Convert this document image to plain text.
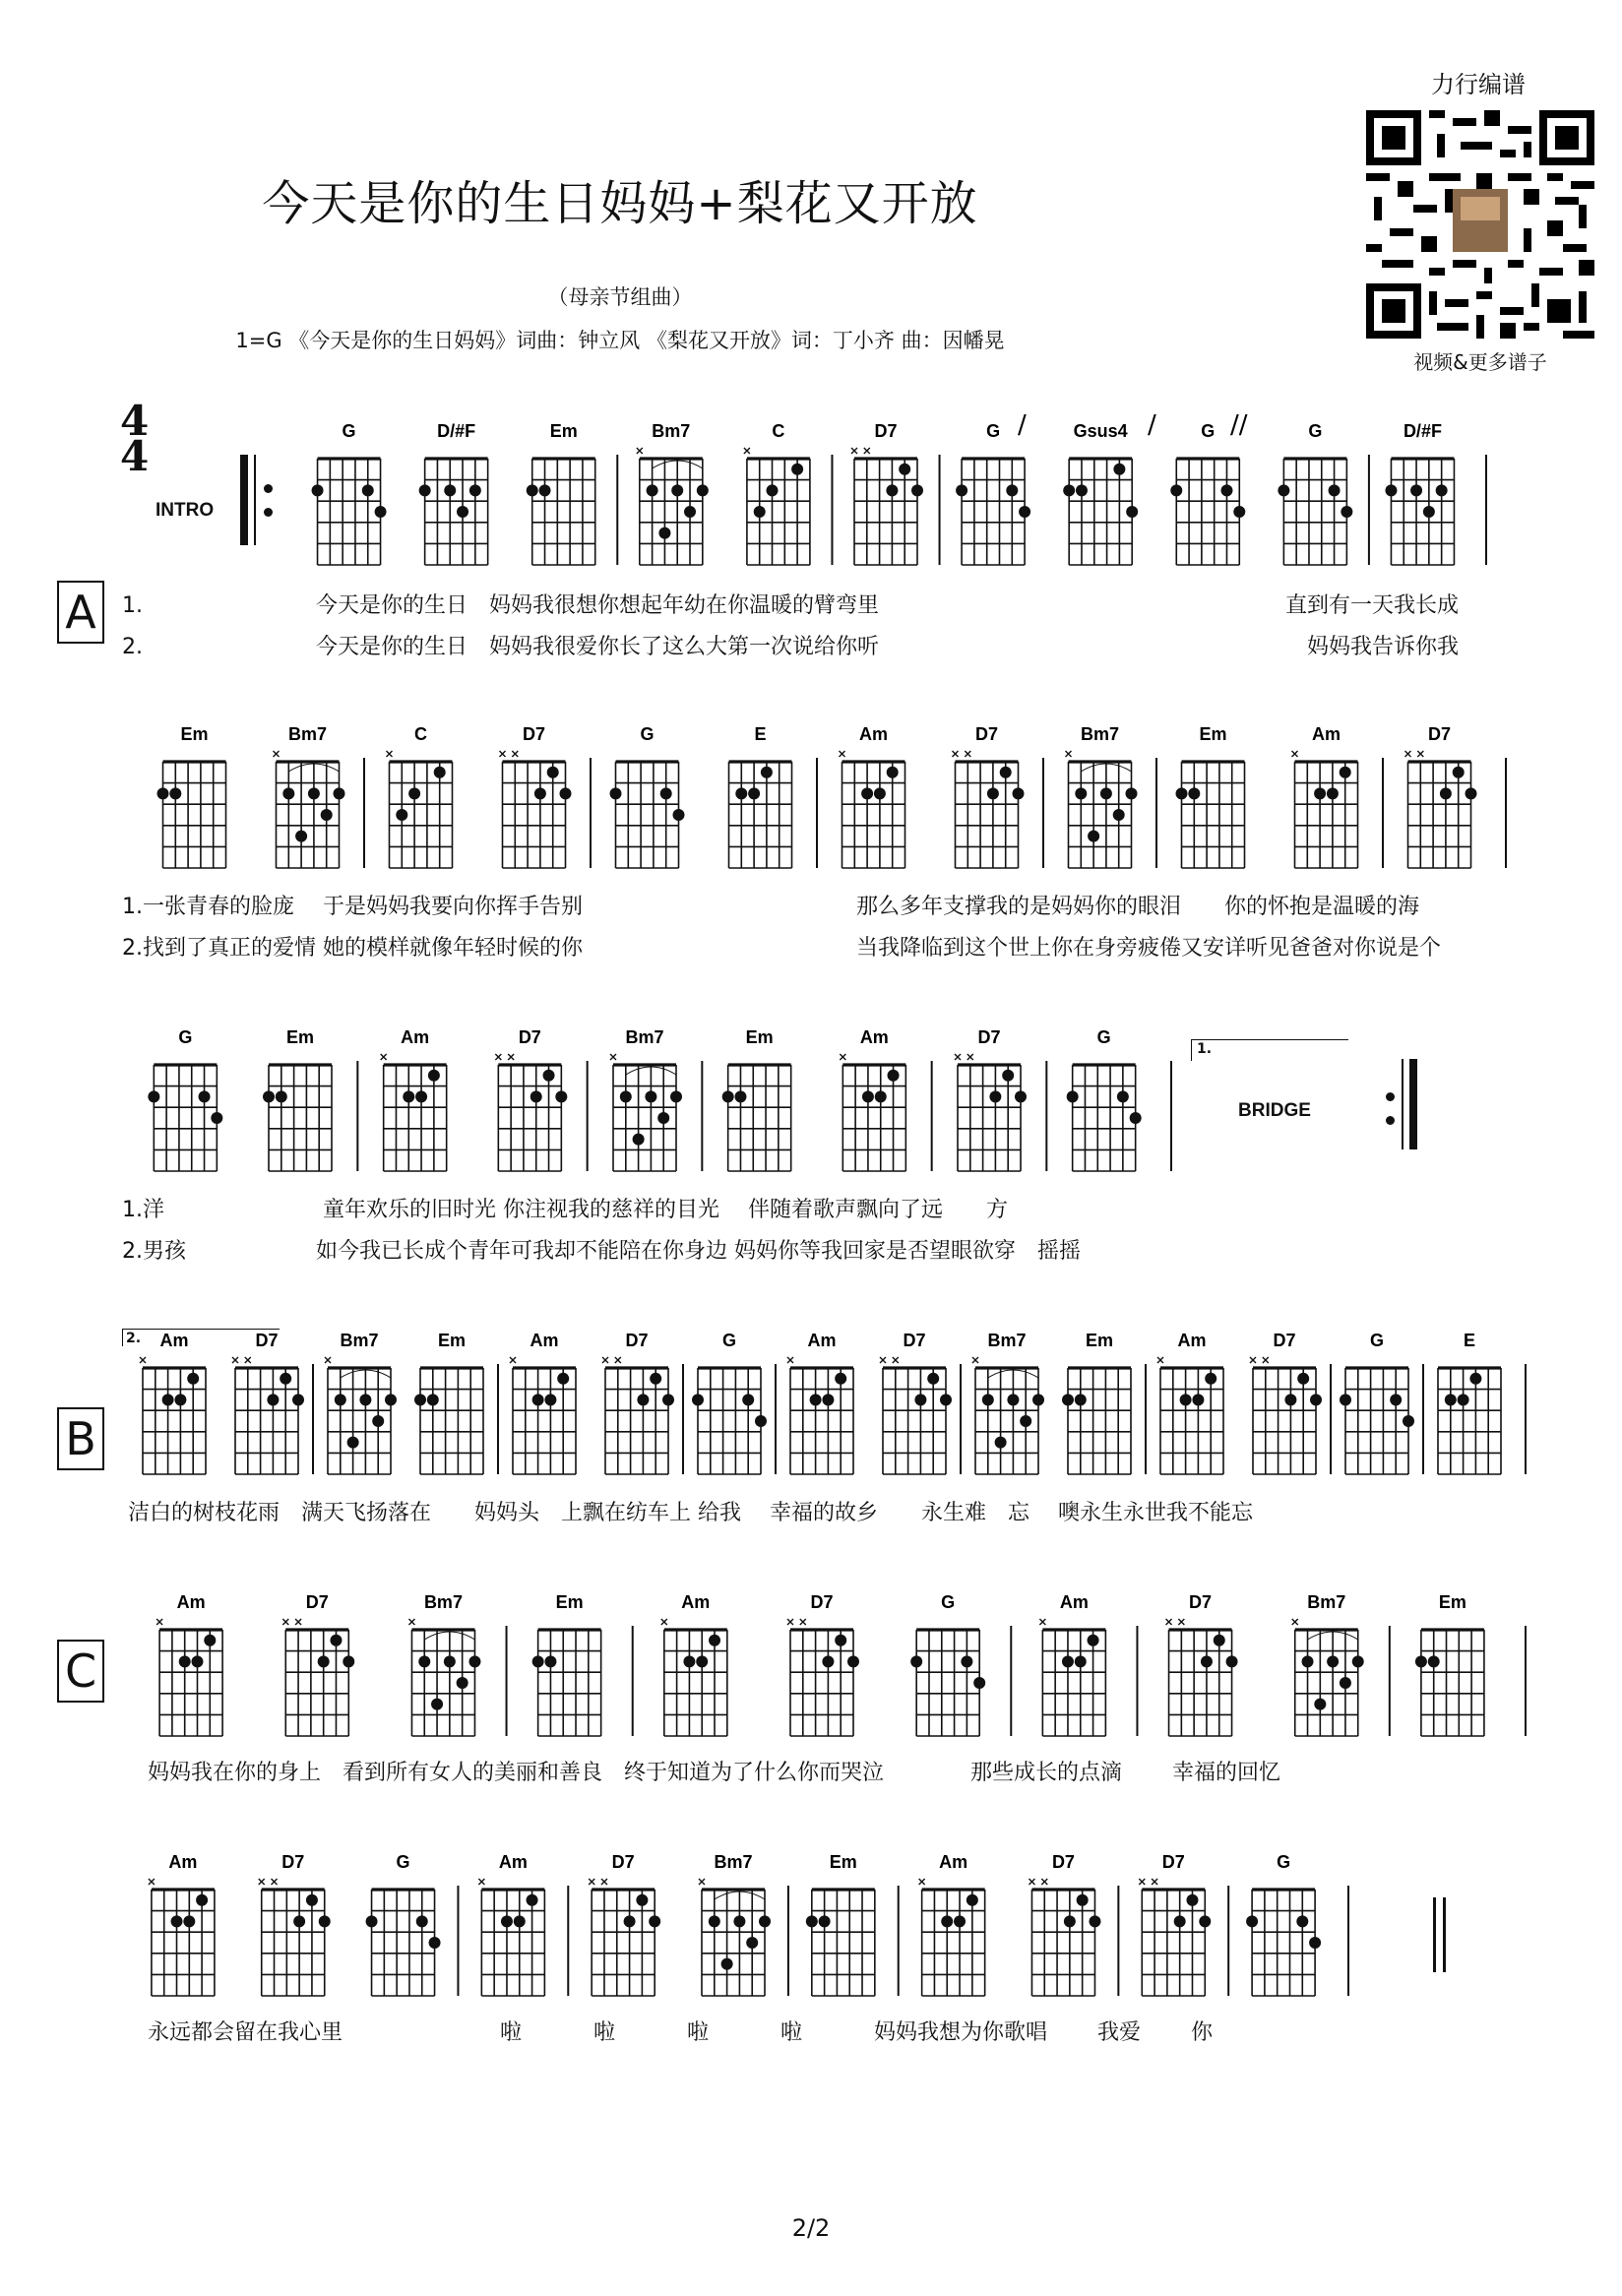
今天是你的生日妈妈+梨花又开放
（母亲节组曲）
1=G 《今天是你的生日妈妈》词曲：钟立风 《梨花又开放》词：丁小齐 曲：因幡晃
力行编谱
视频&更多谱子
4
4
INTRO
A
B
C
1.
BRIDGE
2.
G	D/#F	Em	Bm7	C	D7	G	Gsus4	G	G	D/#F
/	/	//
Em	Bm7	C	D7	G	E	Am	D7	Bm7	Em	Am	D7
G	Em	Am	D7	Bm7	Em	Am	D7	G
Am	D7	Bm7	Em	Am	D7	G	Am	D7	Bm7	Em	Am	D7	G	E
Am	D7	Bm7	Em	Am	D7	G	Am	D7	Bm7	Em
Am	D7	G	Am	D7	Bm7	Em	Am	D7	D7	G
1.　　　　　　　　今天是你的生日　妈妈我很想你想起年幼在你温暖的臂弯里
2.　　　　　　　　今天是你的生日　妈妈我很爱你长了这么大第一次说给你听
直到有一天我长成
妈妈我告诉你我
1.一张青春的脸庞　 于是妈妈我要向你挥手告别
2.找到了真正的爱情 她的模样就像年轻时候的你
那么多年支撑我的是妈妈你的眼泪　　你的怀抱是温暖的海
当我降临到这个世上你在身旁疲倦又安详听见爸爸对你说是个
1.洋　　　　　　　 童年欢乐的旧时光 你注视我的慈祥的目光　 伴随着歌声飘向了远　　方
2.男孩　　　　　　如今我已长成个青年可我却不能陪在你身边 妈妈你等我回家是否望眼欲穿　摇摇
洁白的树枝花雨　满天飞扬落在　　妈妈头　上飘在纺车上 给我　 幸福的故乡　　永生难　忘　 噢永生永世我不能忘
妈妈我在你的身上　看到所有女人的美丽和善良　终于知道为了什么你而哭泣　　　　那些成长的点滴　　 幸福的回忆
永远都会留在我心里	啦　　　 啦　　　 啦　　　 啦　　　 妈妈我想为你歌唱　　 我爱　　 你
2/2
